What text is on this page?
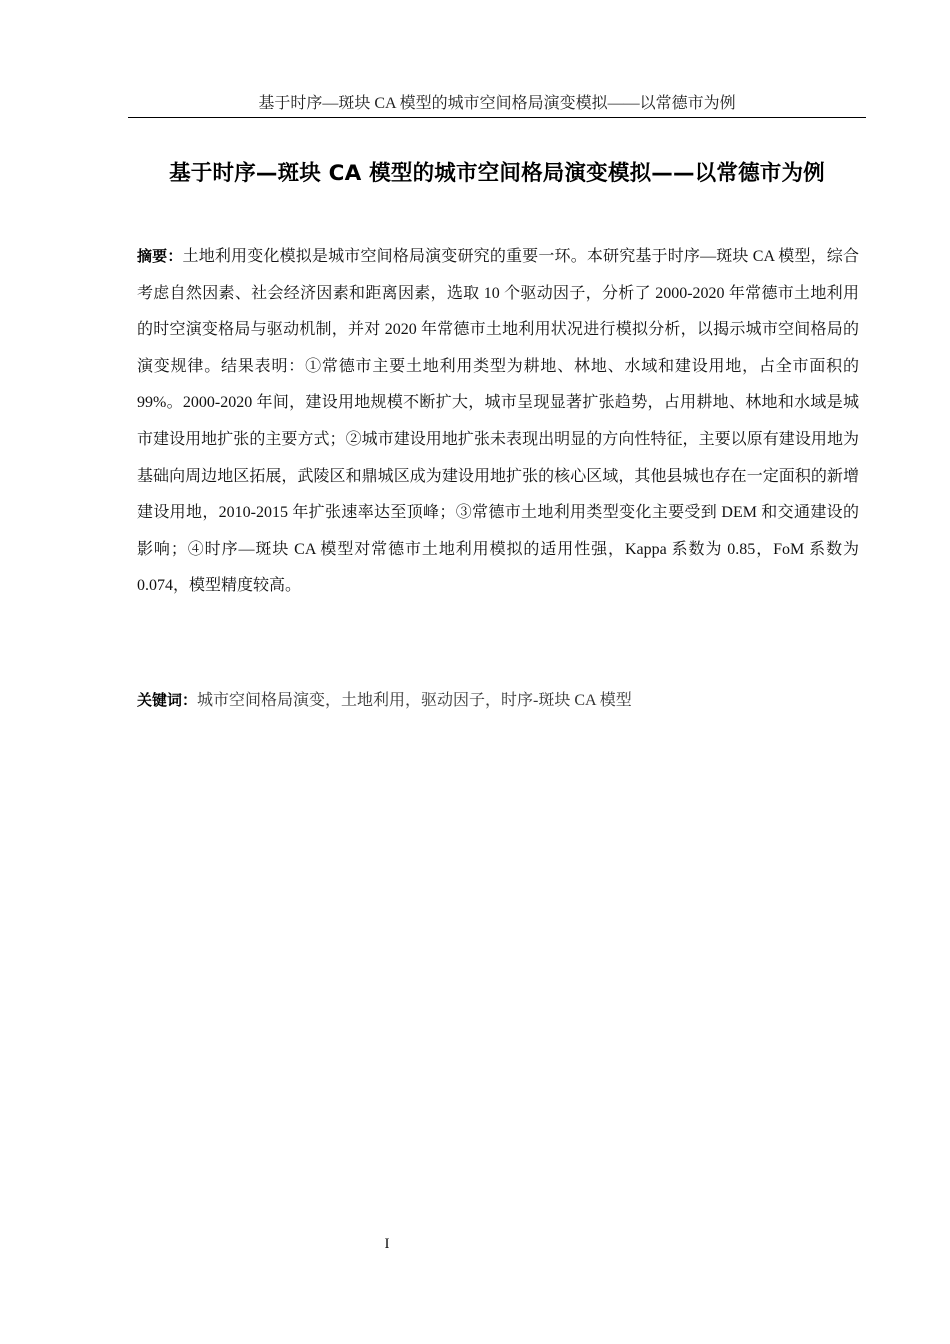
基于时序—斑块 CA 模型的城市空间格局演变模拟——以常德市为例
基于时序—斑块 CA 模型的城市空间格局演变模拟——以常德市为例
摘要：土地利用变化模拟是城市空间格局演变研究的重要一环。本研究基于时序—斑块 CA 模型，综合考虑自然因素、社会经济因素和距离因素，选取 10 个驱动因子，分析了 2000-2020 年常德市土地利用的时空演变格局与驱动机制，并对 2020 年常德市土地利用状况进行模拟分析，以揭示城市空间格局的演变规律。结果表明：①常德市主要土地利用类型为耕地、林地、水域和建设用地，占全市面积的 99%。2000-2020 年间，建设用地规模不断扩大，城市呈现显著扩张趋势，占用耕地、林地和水域是城市建设用地扩张的主要方式；②城市建设用地扩张未表现出明显的方向性特征，主要以原有建设用地为基础向周边地区拓展，武陵区和鼎城区成为建设用地扩张的核心区域，其他县城也存在一定面积的新增建设用地，2010-2015 年扩张速率达至顶峰；③常德市土地利用类型变化主要受到 DEM 和交通建设的影响；④时序—斑块 CA 模型对常德市土地利用模拟的适用性强，Kappa 系数为 0.85，FoM 系数为 0.074，模型精度较高。
关键词：城市空间格局演变，土地利用，驱动因子，时序-斑块 CA 模型
I
